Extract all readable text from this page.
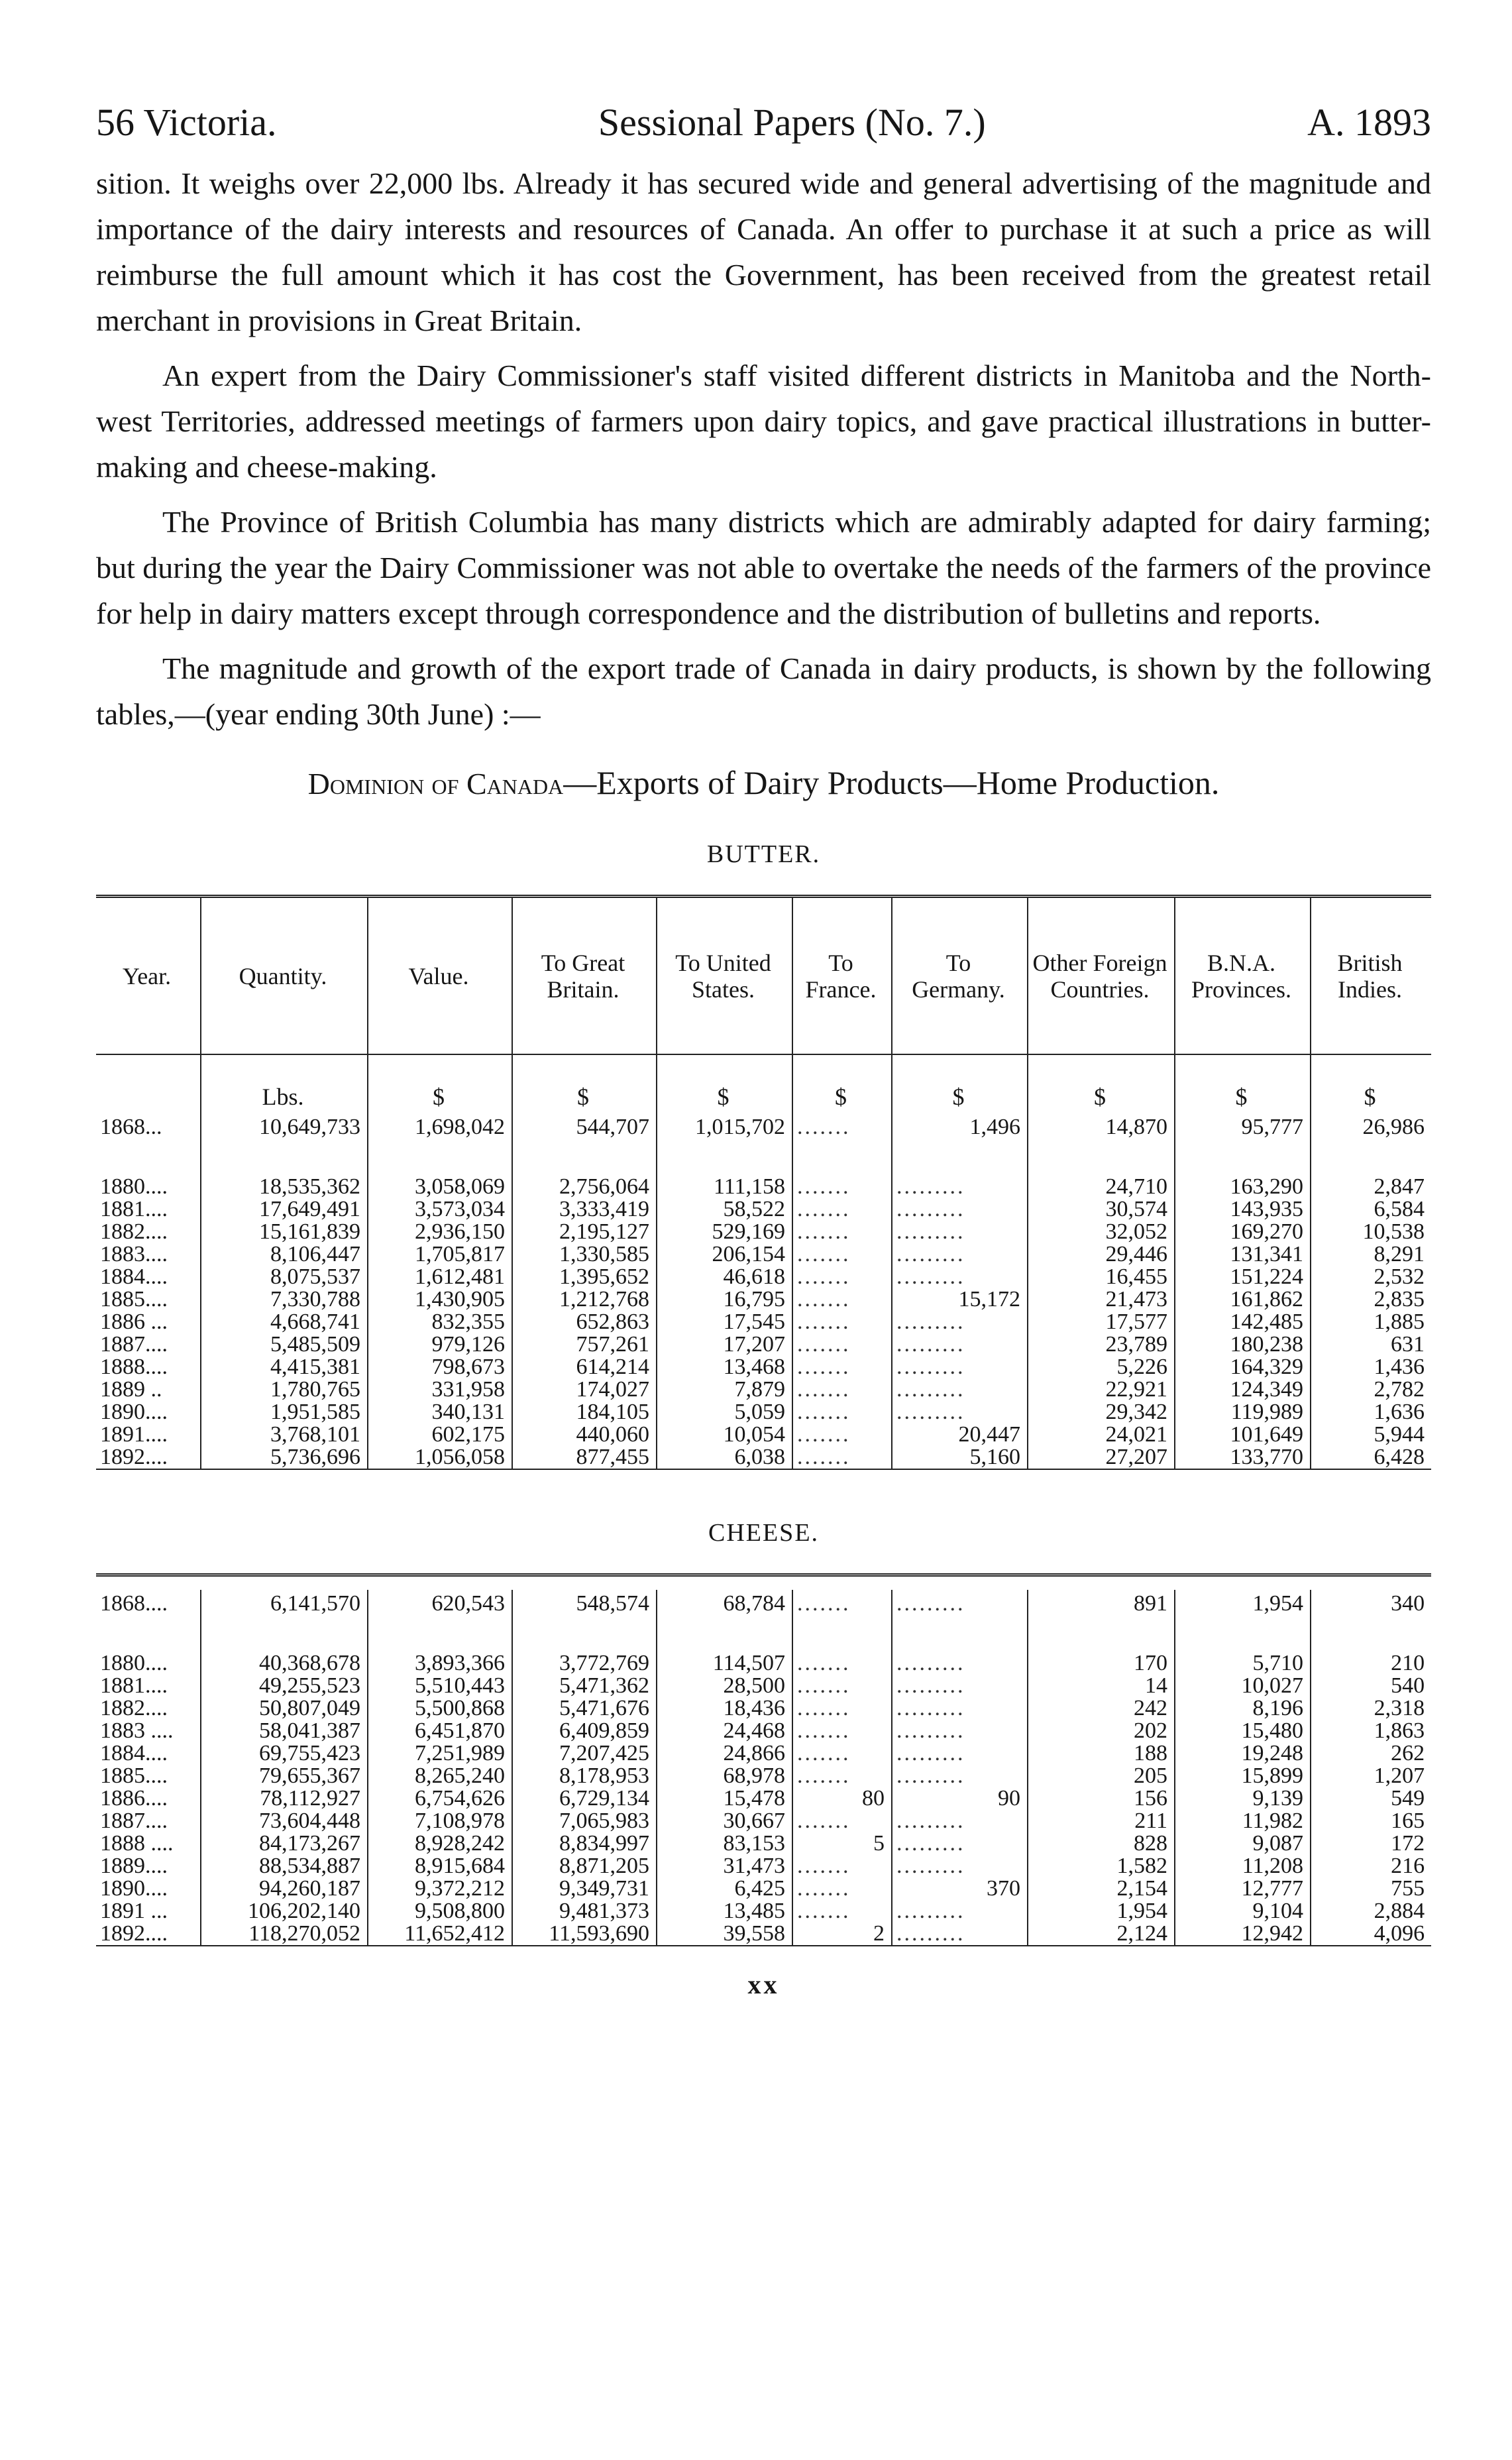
56 Victoria.	Sessional Papers (No. 7.)	A. 1893

sition. It weighs over 22,000 lbs. Already it has secured wide and general advertising of the magnitude and importance of the dairy interests and resources of Canada. An offer to purchase it at such a price as will reimburse the full amount which it has cost the Government, has been received from the greatest retail merchant in provisions in Great Britain.

An expert from the Dairy Commissioner's staff visited different districts in Manitoba and the North-west Territories, addressed meetings of farmers upon dairy topics, and gave practical illustrations in butter-making and cheese-making.

The Province of British Columbia has many districts which are admirably adapted for dairy farming; but during the year the Dairy Commissioner was not able to overtake the needs of the farmers of the province for help in dairy matters except through correspondence and the distribution of bulletins and reports.

The magnitude and growth of the export trade of Canada in dairy products, is shown by the following tables,—(year ending 30th June) :—

Dominion of Canada—Exports of Dairy Products—Home Production.
BUTTER.
Year.	Quantity.	Value.	To Great Britain.	To United States.	To France.	To Germany.	Other Foreign Countries.	B.N.A. Provinces.	British Indies.
	Lbs.	$	$	$	$	$	$	$	$
1868...	10,649,733	1,698,042	544,707	1,015,702	.......	1,496	14,870	95,777	26,986

1880....	18,535,362	3,058,069	2,756,064	111,158	.......	.........	24,710	163,290	2,847
1881....	17,649,491	3,573,034	3,333,419	58,522	.......	.........	30,574	143,935	6,584
1882....	15,161,839	2,936,150	2,195,127	529,169	.......	.........	32,052	169,270	10,538
1883....	8,106,447	1,705,817	1,330,585	206,154	.......	.........	29,446	131,341	8,291
1884....	8,075,537	1,612,481	1,395,652	46,618	.......	.........	16,455	151,224	2,532
1885....	7,330,788	1,430,905	1,212,768	16,795	.......	15,172	21,473	161,862	2,835
1886 ...	4,668,741	832,355	652,863	17,545	.......	.........	17,577	142,485	1,885
1887....	5,485,509	979,126	757,261	17,207	.......	.........	23,789	180,238	631
1888....	4,415,381	798,673	614,214	13,468	.......	.........	5,226	164,329	1,436
1889 ..	1,780,765	331,958	174,027	7,879	.......	.........	22,921	124,349	2,782
1890....	1,951,585	340,131	184,105	5,059	.......	.........	29,342	119,989	1,636
1891....	3,768,101	602,175	440,060	10,054	.......	20,447	24,021	101,649	5,944
1892....	5,736,696	1,056,058	877,455	6,038	.......	5,160	27,207	133,770	6,428
CHEESE.

1868....	6,141,570	620,543	548,574	68,784	.......	.........	891	1,954	340

1880....	40,368,678	3,893,366	3,772,769	114,507	.......	.........	170	5,710	210
1881....	49,255,523	5,510,443	5,471,362	28,500	.......	.........	14	10,027	540
1882....	50,807,049	5,500,868	5,471,676	18,436	.......	.........	242	8,196	2,318
1883 ....	58,041,387	6,451,870	6,409,859	24,468	.......	.........	202	15,480	1,863
1884....	69,755,423	7,251,989	7,207,425	24,866	.......	.........	188	19,248	262
1885....	79,655,367	8,265,240	8,178,953	68,978	.......	.........	205	15,899	1,207
1886....	78,112,927	6,754,626	6,729,134	15,478	80	90	156	9,139	549
1887....	73,604,448	7,108,978	7,065,983	30,667	.......	.........	211	11,982	165
1888 ....	84,173,267	8,928,242	8,834,997	83,153	5	.........	828	9,087	172
1889....	88,534,887	8,915,684	8,871,205	31,473	.......	.........	1,582	11,208	216
1890....	94,260,187	9,372,212	9,349,731	6,425	.......	370	2,154	12,777	755
1891 ...	106,202,140	9,508,800	9,481,373	13,485	.......	.........	1,954	9,104	2,884
1892....	118,270,052	11,652,412	11,593,690	39,558	2	.........	2,124	12,942	4,096
xx
